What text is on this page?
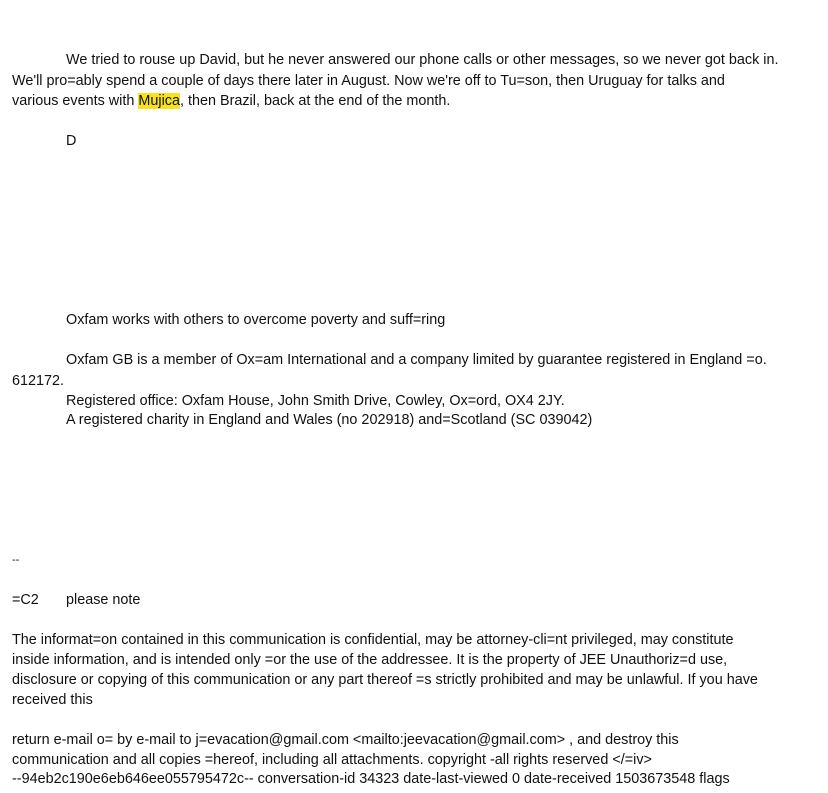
We tried to rouse up David, but he never answered our phone calls or other messages, so we never got back in.
We'll pro=ably spend a couple of days there later in August. Now we're off to Tu=son, then Uruguay for talks and
various events with Mujica, then Brazil, back at the end of the month.
D
Oxfam works with others to overcome poverty and suff=ring
Oxfam GB is a member of Ox=am International and a company limited by guarantee registered in England =o.
612172.
Registered office: Oxfam House, John Smith Drive, Cowley, Ox=ord, OX4 2JY.
A registered charity in England and Wales (no 202918) and=Scotland (SC 039042)
--
=C2 please note
The informat=on contained in this communication is confidential, may be attorney-cli=nt privileged, may constitute
inside information, and is intended only =or the use of the addressee. It is the property of JEE Unauthoriz=d use,
disclosure or copying of this communication or any part thereof =s strictly prohibited and may be unlawful. If you have
received this
return e-mail o= by e-mail to j=evacation@gmail.com <mailto:jeevacation@gmail.com> , and destroy this
communication and all copies =hereof, including all attachments. copyright -all rights reserved </=iv>
--94eb2c190e6eb646ee055795472c-- conversation-id 34323 date-last-viewed 0 date-received 1503673548 flags
